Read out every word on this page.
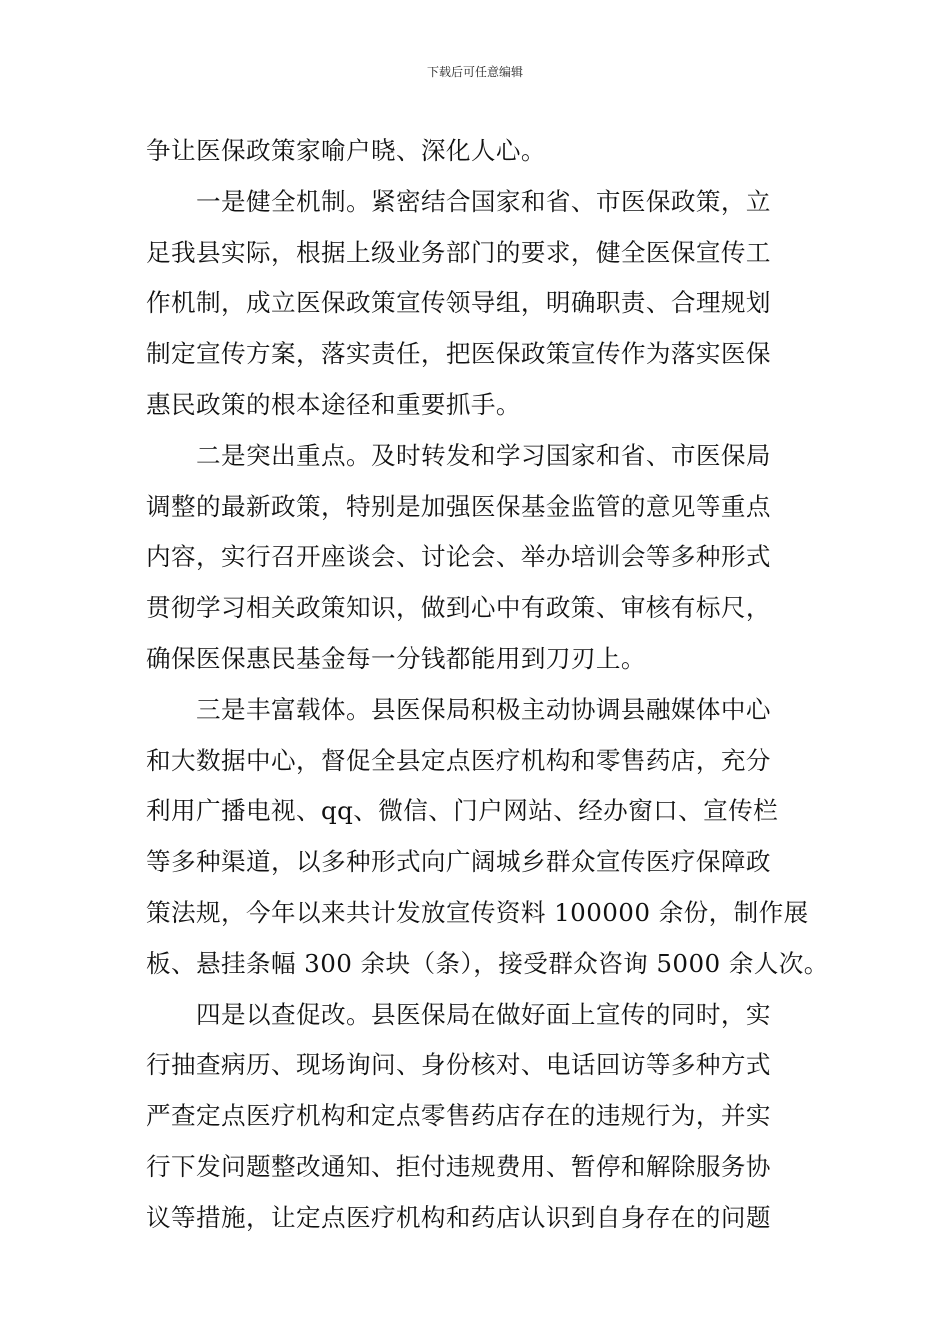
下载后可任意编辑
争让医保政策家喻户晓、深化人心。
一是健全机制。紧密结合国家和省、市医保政策，立
足我县实际，根据上级业务部门的要求，健全医保宣传工
作机制，成立医保政策宣传领导组，明确职责、合理规划
制定宣传方案，落实责任，把医保政策宣传作为落实医保
惠民政策的根本途径和重要抓手。
二是突出重点。及时转发和学习国家和省、市医保局
调整的最新政策，特别是加强医保基金监管的意见等重点
内容，实行召开座谈会、讨论会、举办培训会等多种形式
贯彻学习相关政策知识，做到心中有政策、审核有标尺，
确保医保惠民基金每一分钱都能用到刀刃上。
三是丰富载体。县医保局积极主动协调县融媒体中心
和大数据中心，督促全县定点医疗机构和零售药店，充分
利用广播电视、qq、微信、门户网站、经办窗口、宣传栏
等多种渠道，以多种形式向广阔城乡群众宣传医疗保障政
策法规，今年以来共计发放宣传资料 100000 余份，制作展
板、悬挂条幅 300 余块（条），接受群众咨询 5000 余人次。
四是以查促改。县医保局在做好面上宣传的同时，实
行抽查病历、现场询问、身份核对、电话回访等多种方式
严查定点医疗机构和定点零售药店存在的违规行为，并实
行下发问题整改通知、拒付违规费用、暂停和解除服务协
议等措施，让定点医疗机构和药店认识到自身存在的问题
